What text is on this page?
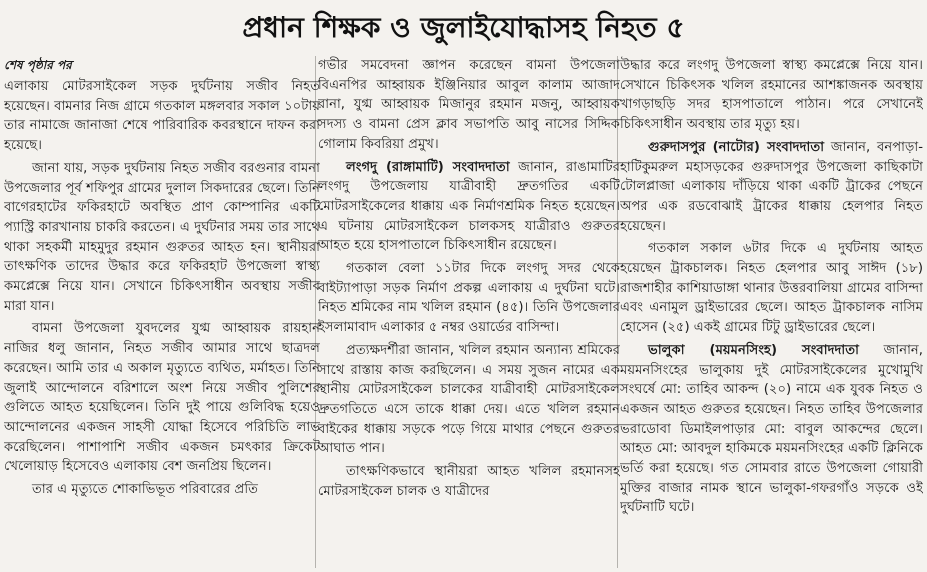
প্রধান শিক্ষক ও জুলাইযোদ্ধাসহ নিহত ৫
শেষ পৃষ্ঠার পর

এলাকায় মোটরসাইকেল সড়ক দুর্ঘটনায় সজীব নিহত হয়েছেন। বামনার নিজ গ্রামে গতকাল মঙ্গলবার সকাল ১০টায় তার নামাজে জানাজা শেষে পারিবারিক কবরস্থানে দাফন করা হয়েছে।

জানা যায়, সড়ক দুর্ঘটনায় নিহত সজীব বরগুনার বামনা উপজেলার পূর্ব শফিপুর গ্রামের দুলাল সিকদারের ছেলে। তিনি বাগেরহাটের ফকিরহাটে অবস্থিত প্রাণ কোম্পানির একটি প্যাস্ট্রি কারখানায় চাকরি করতেন। এ দুর্ঘটনার সময় তার সাথে থাকা সহকর্মী মাহমুদুর রহমান গুরুতর আহত হন। স্থানীয়রা তাৎক্ষণিক তাদের উদ্ধার করে ফকিরহাট উপজেলা স্বাস্থ্য কমপ্লেক্সে নিয়ে যান। সেখানে চিকিৎসাধীন অবস্থায় সজীব মারা যান।

বামনা উপজেলা যুবদলের যুগ্ম আহ্বায়ক রায়হান নাজির ধলু জানান, নিহত সজীব আমার সাথে ছাত্রদল করেছেন। আমি তার এ অকাল মৃত্যুতে ব্যথিত, মর্মাহত। তিনি জুলাই আন্দোলনে বরিশালে অংশ নিয়ে সজীব পুলিশের গুলিতে আহত হয়েছিলেন। তিনি দুই পায়ে গুলিবিদ্ধ হয়েও আন্দোলনের একজন সাহসী যোদ্ধা হিসেবে পরিচিতি লাভ করেছিলেন। পাশাপাশি সজীব একজন চমৎকার ক্রিকেট খেলোয়াড় হিসেবেও এলাকায় বেশ জনপ্রিয় ছিলেন।

তার এ মৃত্যুতে শোকাভিভূত পরিবারের প্রতি

গভীর সমবেদনা জ্ঞাপন করেছেন বামনা উপজেলা বিএনপির আহ্বায়ক ইঞ্জিনিয়ার আবুল কালাম আজাদ রানা, যুগ্ম আহ্বায়ক মিজানুর রহমান মজনু, আহ্বায়ক সদস্য ও বামনা প্রেস ক্লাব সভাপতি আবু নাসের সিদ্দিক গোলাম কিবরিয়া প্রমুখ।

লংগদু (রাঙ্গামাটি) সংবাদদাতা জানান, রাঙামাটির লংগদু উপজেলায় যাত্রীবাহী দ্রুতগতির একটি মোটরসাইকেলের ধাক্কায় এক নির্মাণশ্রমিক নিহত হয়েছেন। এ ঘটনায় মোটরসাইকেল চালকসহ যাত্রীরাও গুরুতর আহত হয়ে হাসপাতালে চিকিৎসাধীন রয়েছেন।

গতকাল বেলা ১১টার দিকে লংগদু সদর থেকে বাইট্যাপাড়া সড়ক নির্মাণ প্রকল্প এলাকায় এ দুর্ঘটনা ঘটে। নিহত শ্রমিকের নাম খলিল রহমান (৪৫)। তিনি উপজেলার ইসলামাবাদ এলাকার ৫ নম্বর ওয়ার্ডের বাসিন্দা।

প্রত্যক্ষদর্শীরা জানান, খলিল রহমান অন্যান্য শ্রমিকের সাথে রাস্তায় কাজ করছিলেন। এ সময় সুজন নামের এক স্থানীয় মোটরসাইকেল চালকের যাত্রীবাহী মোটরসাইকেল দ্রুতগতিতে এসে তাকে ধাক্কা দেয়। এতে খলিল রহমান বাইকের ধাক্কায় সড়কে পড়ে গিয়ে মাথার পেছনে গুরুতর আঘাত পান।

তাৎক্ষণিকভাবে স্থানীয়রা আহত খলিল রহমানসহ মোটরসাইকেল চালক ও যাত্রীদের

উদ্ধার করে লংগদু উপজেলা স্বাস্থ্য কমপ্লেক্সে নিয়ে যান। সেখানে চিকিৎসক খলিল রহমানের আশঙ্কাজনক অবস্থায় খাগড়াছড়ি সদর হাসপাতালে পাঠান। পরে সেখানেই চিকিৎসাধীন অবস্থায় তার মৃত্যু হয়।

গুরুদাসপুর (নাটোর) সংবাদদাতা জানান, বনপাড়া-হাটিকুমরুল মহাসড়কের গুরুদাসপুর উপজেলা কাছিকাটা টোলপ্লাজা এলাকায় দাঁড়িয়ে থাকা একটি ট্রাকের পেছনে অপর এক রডবোঝাই ট্রাকের ধাক্কায় হেলপার নিহত হয়েছেন।

গতকাল সকাল ৬টার দিকে এ দুর্ঘটনায় আহত হয়েছেন ট্রাকচালক। নিহত হেলপার আবু সাঈদ (১৮) রাজশাহীর কাশিয়াডাঙ্গা থানার উত্তরবালিয়া গ্রামের বাসিন্দা এবং এনামুল ড্রাইভারের ছেলে। আহত ট্রাকচালক নাসিম হোসেন (২৫) একই গ্রামের টিটু ড্রাইভারের ছেলে।

ভালুকা (ময়মনসিংহ) সংবাদদাতা জানান, ময়মনসিংহের ভালুকায় দুই মোটরসাইকেলের মুখোমুখি সংঘর্ষে মো: তাহিব আকন্দ (২০) নামে এক যুবক নিহত ও একজন আহত গুরুতর হয়েছেন। নিহত তাহিব উপজেলার ভরাডোবা ডিমাইলপাড়ার মো: বাবুল আকন্দের ছেলে। আহত মো: আবদুল হাকিমকে ময়মনসিংহের একটি ক্লিনিকে ভর্তি করা হয়েছে। গত সোমবার রাতে উপজেলা গোয়ারী মুক্তির বাজার নামক স্থানে ভালুকা-গফরগাঁও সড়কে ওই দুর্ঘটনাটি ঘটে।
